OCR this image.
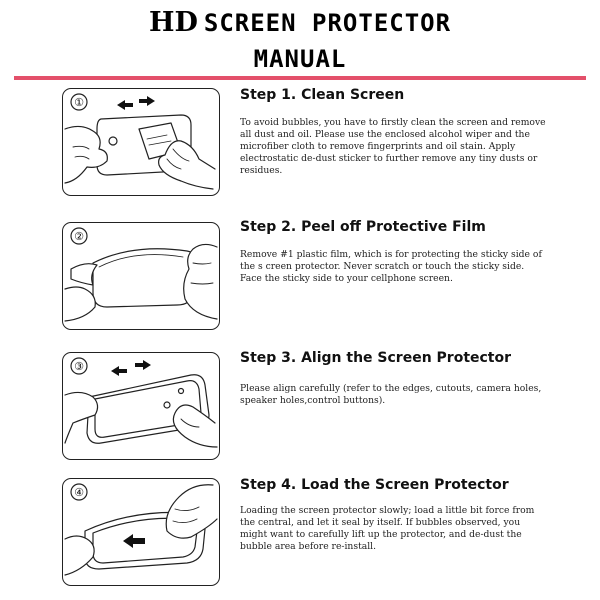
HD SCREEN PROTECTOR
MANUAL
①	Step 1. Clean Screen
To avoid bubbles, you have to firstly clean the screen and remove all dust and oil. Please use the enclosed alcohol wiper and the microfiber cloth to remove fingerprints and oil stain. Apply electrostatic de-dust sticker to further remove any tiny dusts or residues.
②
Step 2. Peel off Protective Film
Remove #1 plastic film, which is for protecting the sticky side of the s creen protector. Never scratch or touch the sticky side. Face the sticky side to your cellphone screen.
③
Step 3. Align the Screen Protector
Please align carefully (refer to the edges, cutouts, camera holes, speaker holes,control buttons).
④	Step 4. Load the Screen Protector
Loading the screen protector slowly; load a little bit force from the central, and let it seal by itself. If bubbles observed, you might want to carefully lift up the protector, and de-dust the bubble area before re-install.
